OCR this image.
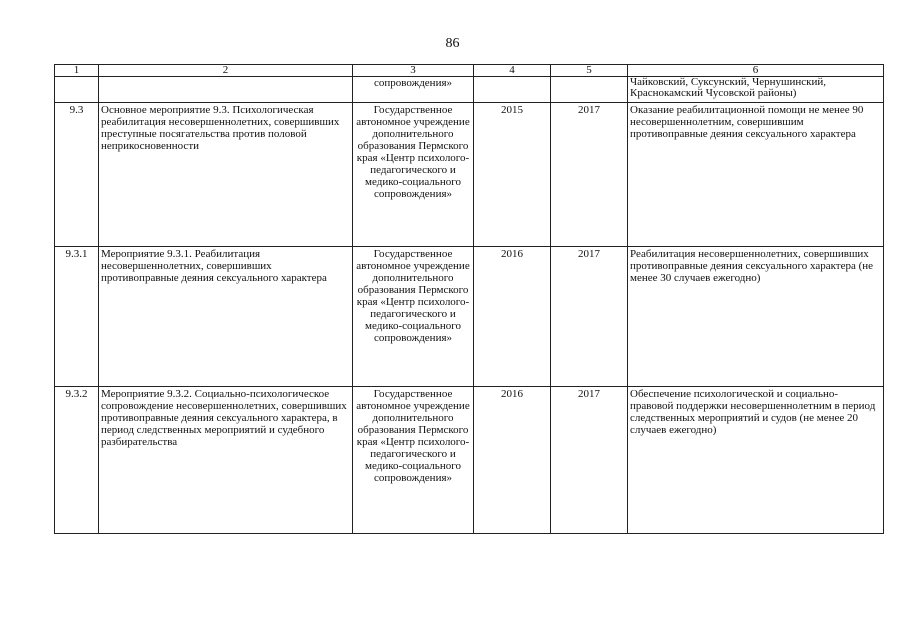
86
1	2	3	4	5	6
		сопровождения»			Чайковский, Суксунский, Чернушинский, Краснокамский Чусовской районы)
9.3	Основное мероприятие 9.3. Психологическая реабилитация несовершеннолетних, совершивших преступные посягательства против половой неприкосновенности	Государственное автономное учреждение дополнительного образования Пермского края «Центр психолого-педагогического и медико-социального сопровождения»	2015	2017	Оказание реабилитационной помощи не менее 90 несовершеннолетним, совершившим противоправные деяния сексуального характера
9.3.1	Мероприятие 9.3.1. Реабилитация несовершеннолетних, совершивших противоправные деяния сексуального характера	Государственное автономное учреждение дополнительного образования Пермского края «Центр психолого-педагогического и медико-социального сопровождения»	2016	2017	Реабилитация несовершеннолетних, совершивших противоправные деяния сексуального характера (не менее 30 случаев ежегодно)
9.3.2	Мероприятие 9.3.2. Социально-психологическое сопровождение несовершеннолетних, совершивших противоправные деяния сексуального характера, в период следственных мероприятий и судебного разбирательства	Государственное автономное учреждение дополнительного образования Пермского края «Центр психолого-педагогического и медико-социального сопровождения»	2016	2017	Обеспечение психологической и социально-правовой поддержки несовершеннолетним в период следственных мероприятий и судов (не менее 20 случаев ежегодно)
